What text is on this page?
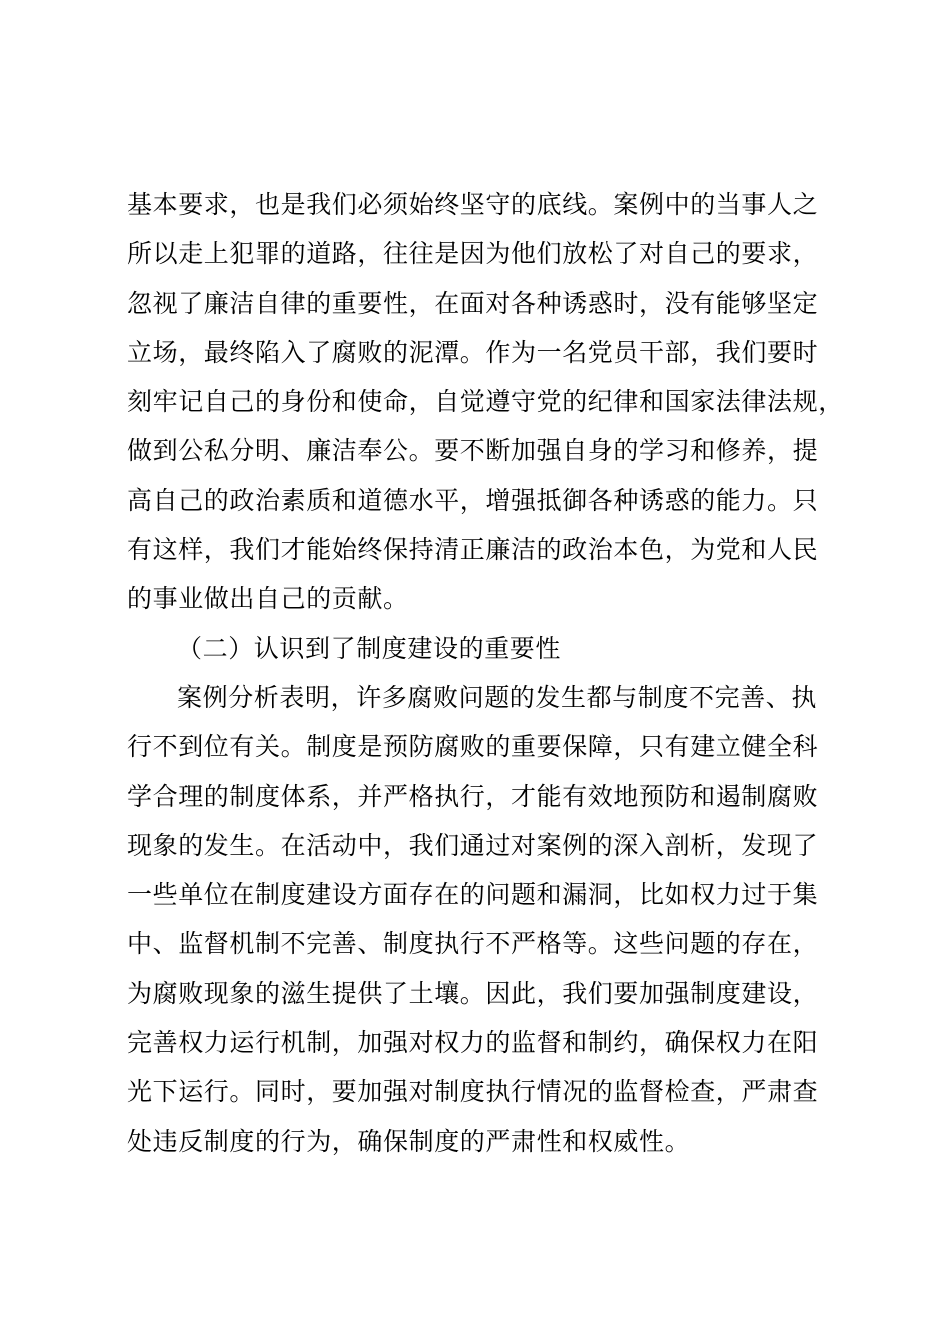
基本要求，也是我们必须始终坚守的底线。案例中的当事人之
所以走上犯罪的道路，往往是因为他们放松了对自己的要求，
忽视了廉洁自律的重要性，在面对各种诱惑时，没有能够坚定
立场，最终陷入了腐败的泥潭。作为一名党员干部，我们要时
刻牢记自己的身份和使命，自觉遵守党的纪律和国家法律法规，
做到公私分明、廉洁奉公。要不断加强自身的学习和修养，提
高自己的政治素质和道德水平，增强抵御各种诱惑的能力。只
有这样，我们才能始终保持清正廉洁的政治本色，为党和人民
的事业做出自己的贡献。
（二）认识到了制度建设的重要性
案例分析表明，许多腐败问题的发生都与制度不完善、执
行不到位有关。制度是预防腐败的重要保障，只有建立健全科
学合理的制度体系，并严格执行，才能有效地预防和遏制腐败
现象的发生。在活动中，我们通过对案例的深入剖析，发现了
一些单位在制度建设方面存在的问题和漏洞，比如权力过于集
中、监督机制不完善、制度执行不严格等。这些问题的存在，
为腐败现象的滋生提供了土壤。因此，我们要加强制度建设，
完善权力运行机制，加强对权力的监督和制约，确保权力在阳
光下运行。同时，要加强对制度执行情况的监督检查，严肃查
处违反制度的行为，确保制度的严肃性和权威性。
